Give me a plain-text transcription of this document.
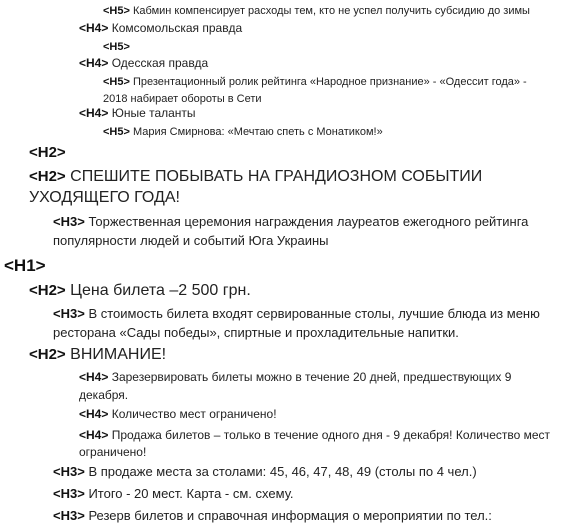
<H5> Кабмин компенсирует расходы тем, кто не успел получить субсидию до зимы
<H4> Комсомольская правда
<H5>
<H4> Одесская правда
<H5> Презентационный ролик рейтинга «Народное признание» - «Одессит года» -
2018 набирает обороты в Сети
<H4> Юные таланты
<H5> Мария Смирнова: «Мечтаю спеть с Монатиком!»
<H2>
<H2> СПЕШИТЕ ПОБЫВАТЬ НА ГРАНДИОЗНОМ СОБЫТИИ
УХОДЯЩЕГО ГОДА!
<H3> Торжественная церемония награждения лауреатов ежегодного рейтинга
популярности людей и событий Юга Украины
<H1>
<H2> Цена билета –2 500 грн.
<H3> В стоимость билета входят сервированные столы, лучшие блюда из меню
ресторана «Сады победы», спиртные и прохладительные напитки.
<H2> ВНИМАНИЕ!
<H4> Зарезервировать билеты можно в течение 20 дней, предшествующих 9
декабря.
<H4> Количество мест ограничено!
<H4> Продажа билетов – только в течение одного дня - 9 декабря! Количество мест
ограничено!
<H3> В продаже места за столами: 45, 46, 47, 48, 49 (столы по 4 чел.)
<H3> Итого - 20 мест. Карта - см. схему.
<H3> Резерв билетов и справочная информация о мероприятии по тел.:
